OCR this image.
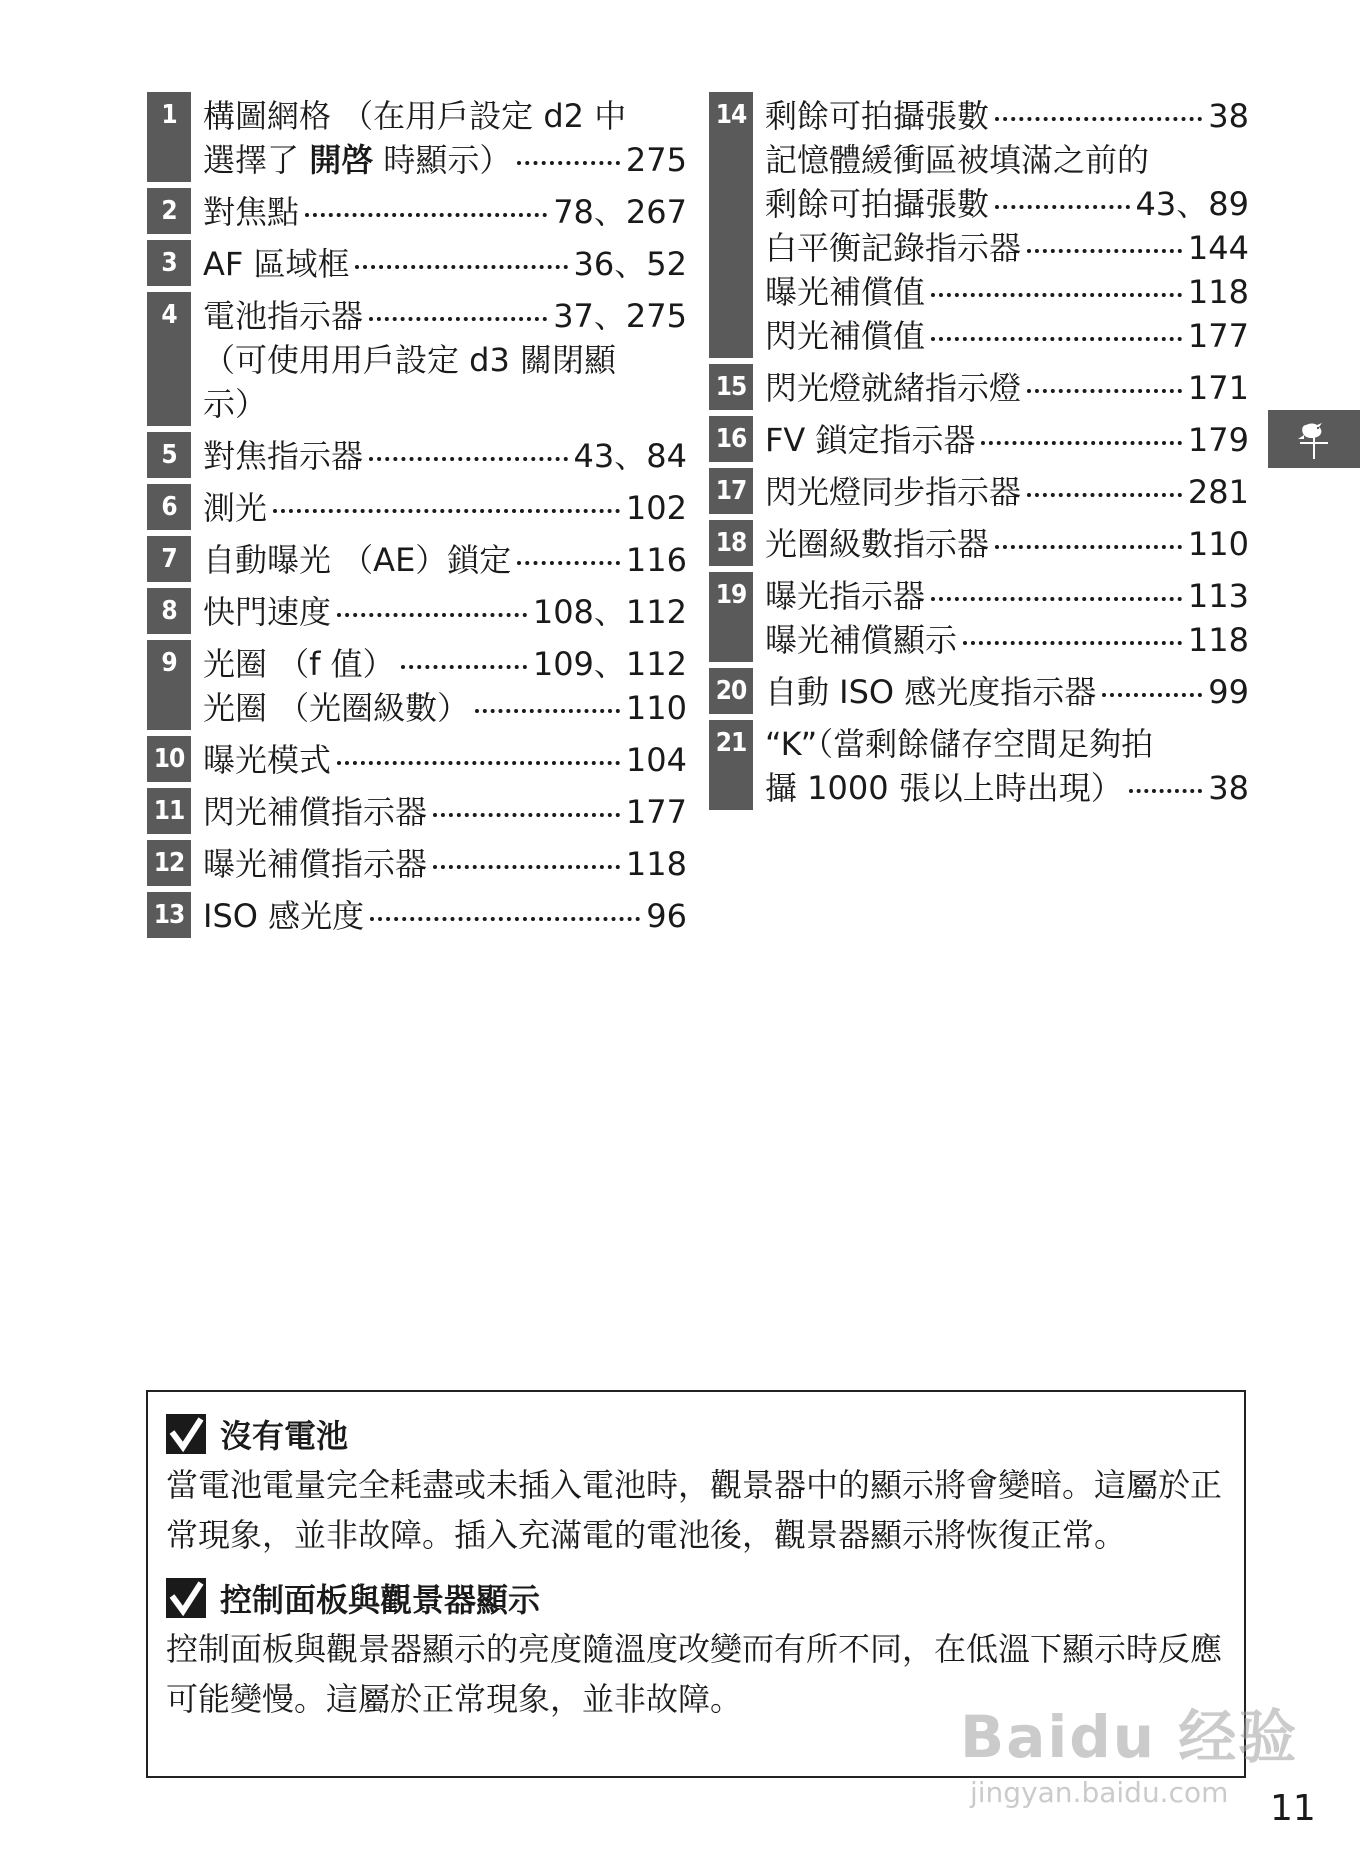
1 構圖網格 （在用戶設定 d2 中
選擇了 開啓 時顯示）	275
2 對焦點	78、267
3 AF 區域框	36、52
4 電池指示器	37、275
（可使用用戶設定 d3 關閉顯
示）
5 對焦指示器	43、84
6 測光	102
7 自動曝光 （AE）鎖定	116
8 快門速度	108、112
9 光圈 （f 值）	109、112
光圈 （光圈級數）	110
10 曝光模式	104
11 閃光補償指示器	177
12 曝光補償指示器	118
13 ISO 感光度	96
14 剩餘可拍攝張數	38
記憶體緩衝區被填滿之前的
剩餘可拍攝張數	43、89
白平衡記錄指示器	144
曝光補償值	118
閃光補償值	177
15 閃光燈就緒指示燈	171
16 FV 鎖定指示器	179
17 閃光燈同步指示器	281
18 光圈級數指示器	110
19 曝光指示器	113
曝光補償顯示	118
20 自動 ISO 感光度指示器	99
21 “K”（當剩餘儲存空間足夠拍
攝 1000 張以上時出現）	38
沒有電池
當電池電量完全耗盡或未插入電池時，觀景器中的顯示將會變暗。這屬於正常現象，並非故障。插入充滿電的電池後，觀景器顯示將恢復正常。
控制面板與觀景器顯示
控制面板與觀景器顯示的亮度隨溫度改變而有所不同，在低溫下顯示時反應可能變慢。這屬於正常現象，並非故障。
Baidu 经验
jingyan.baidu.com 11
